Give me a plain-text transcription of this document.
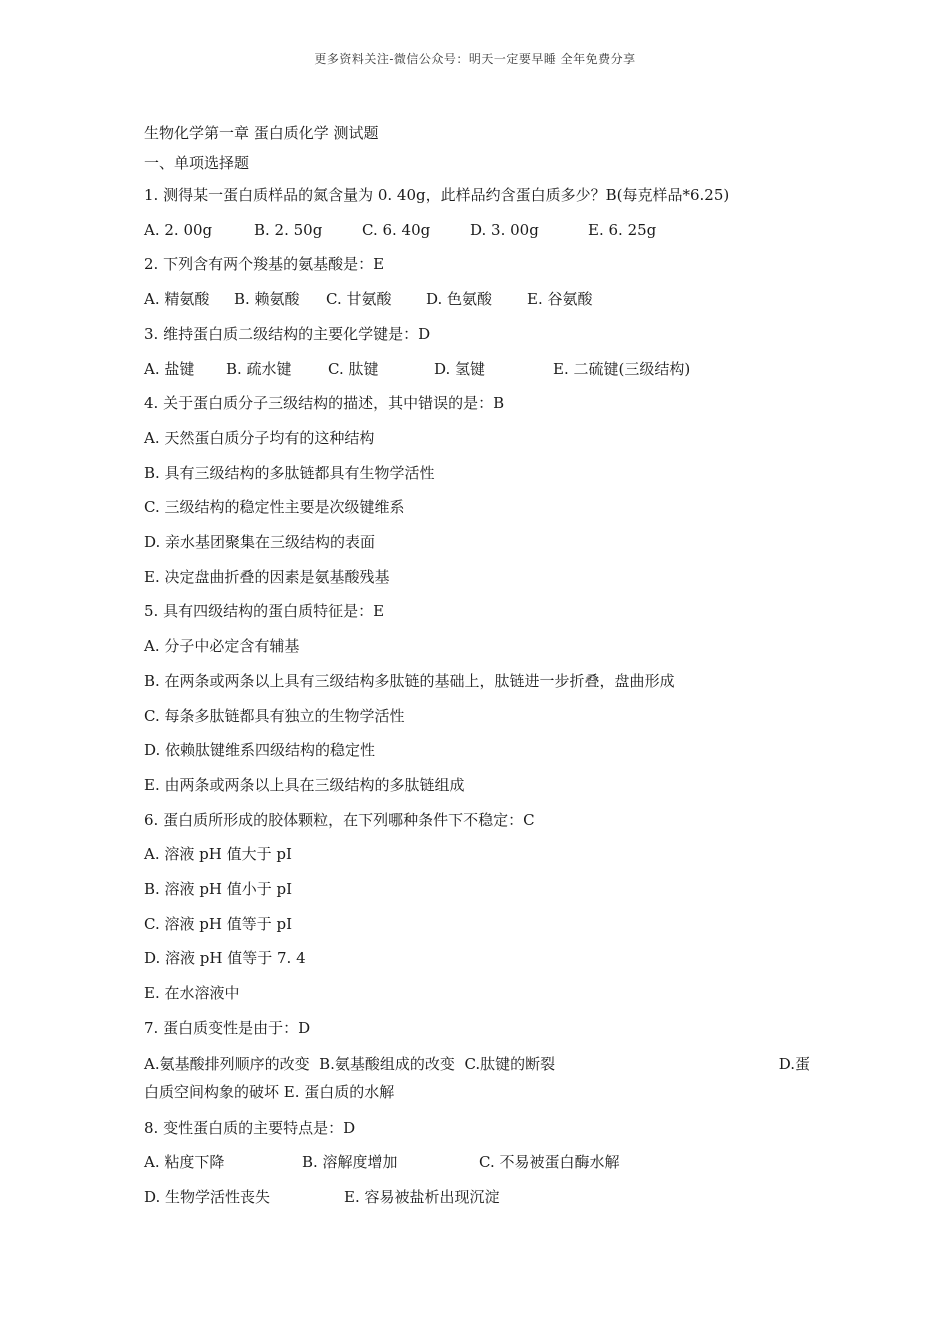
更多资料关注-微信公众号：明天一定要早睡 全年免费分享
生物化学第一章 蛋白质化学 测试题
一、单项选择题
1. 测得某一蛋白质样品的氮含量为 0. 40g，此样品约含蛋白质多少？B(每克样品*6.25)
A. 2. 00g	B. 2. 50g	C. 6. 40g	D. 3. 00g	E. 6. 25g
2. 下列含有两个羧基的氨基酸是：E
A. 精氨酸	B. 赖氨酸	C. 甘氨酸	D. 色氨酸	E. 谷氨酸
3. 维持蛋白质二级结构的主要化学键是：D
A. 盐键	B. 疏水键	C. 肽键	D. 氢键	E. 二硫键(三级结构)
4. 关于蛋白质分子三级结构的描述，其中错误的是：B
A. 天然蛋白质分子均有的这种结构
B. 具有三级结构的多肽链都具有生物学活性
C. 三级结构的稳定性主要是次级键维系
D. 亲水基团聚集在三级结构的表面
E. 决定盘曲折叠的因素是氨基酸残基
5. 具有四级结构的蛋白质特征是：E
A. 分子中必定含有辅基
B. 在两条或两条以上具有三级结构多肽链的基础上，肽链进一步折叠，盘曲形成
C. 每条多肽链都具有独立的生物学活性
D. 依赖肽键维系四级结构的稳定性
E. 由两条或两条以上具在三级结构的多肽链组成
6. 蛋白质所形成的胶体颗粒，在下列哪种条件下不稳定：C
A. 溶液 pH 值大于 pI
B. 溶液 pH 值小于 pI
C. 溶液 pH 值等于 pI
D. 溶液 pH 值等于 7. 4
E. 在水溶液中
7. 蛋白质变性是由于：D
A.氨基酸排列顺序的改变  B.氨基酸组成的改变  C.肽键的断裂	D.蛋
白质空间构象的破坏 E. 蛋白质的水解
8. 变性蛋白质的主要特点是：D
A. 粘度下降	B. 溶解度增加	C. 不易被蛋白酶水解
D. 生物学活性丧失	E. 容易被盐析出现沉淀
